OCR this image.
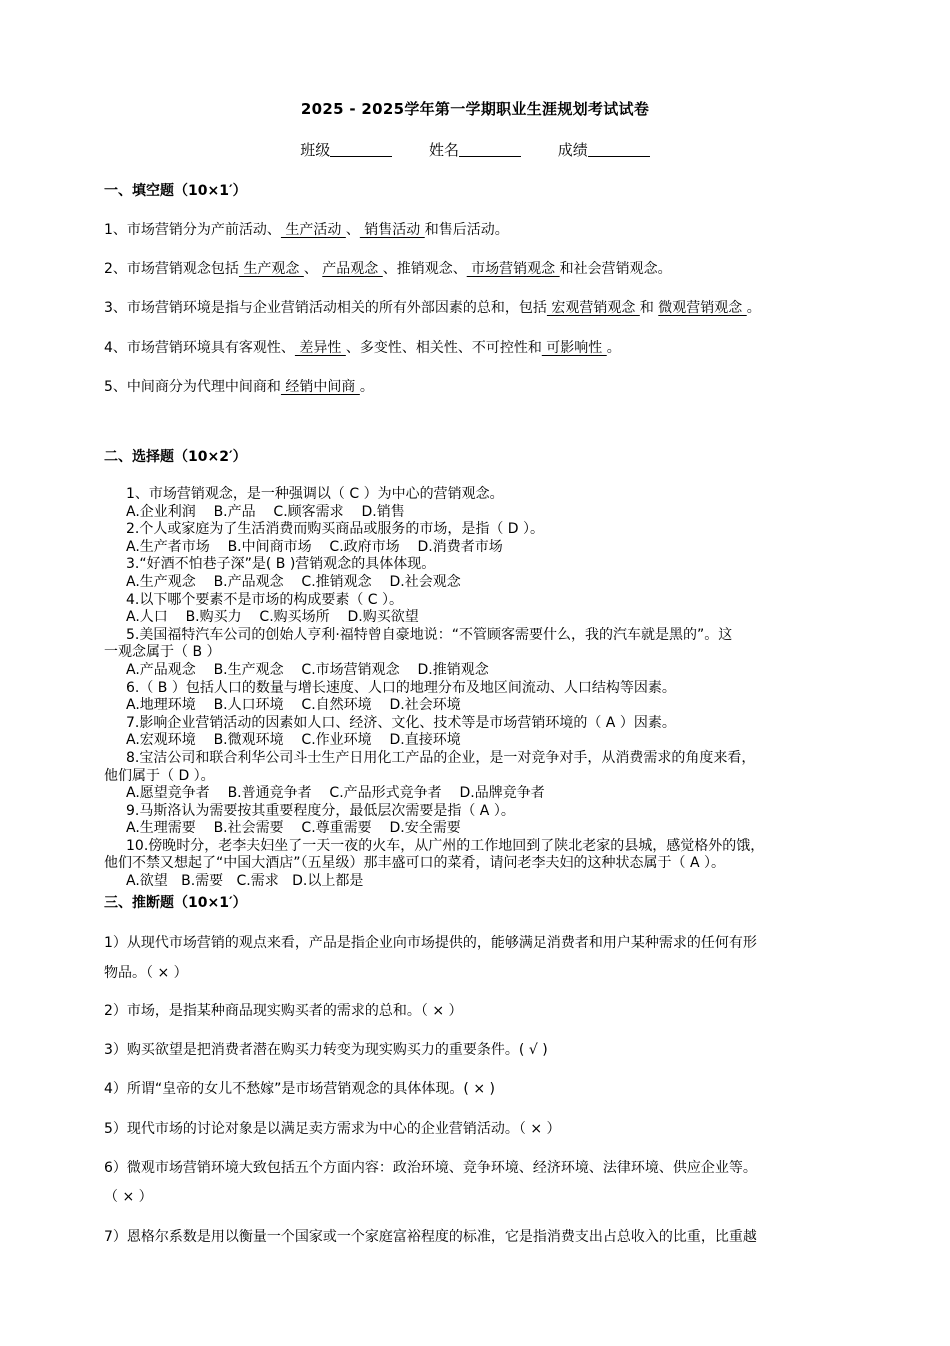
2025 - 2025学年第一学期职业生涯规划考试试卷
班级	姓名	成绩
一、填空题（10×1′）
1、市场营销分为产前活动、 生产活动 、 销售活动 和售后活动。
2、市场营销观念包括 生产观念 、 产品观念 、推销观念、 市场营销观念 和社会营销观念。
3、市场营销环境是指与企业营销活动相关的所有外部因素的总和，包括 宏观营销观念 和 微观营销观念 。
4、市场营销环境具有客观性、 差异性 、多变性、相关性、不可控性和 可影响性 。
5、中间商分为代理中间商和 经销中间商 。
二、选择题（10×2′）
1、市场营销观念，是一种强调以（ C ）为中心的营销观念。
A.企业利润    B.产品    C.顾客需求    D.销售
2.个人或家庭为了生活消费而购买商品或服务的市场，是指（ D ）。
A.生产者市场    B.中间商市场    C.政府市场    D.消费者市场
3.“好酒不怕巷子深”是( B )营销观念的具体体现。
A.生产观念    B.产品观念    C.推销观念    D.社会观念
4.以下哪个要素不是市场的构成要素（ C ）。
A.人口    B.购买力    C.购买场所    D.购买欲望
5.美国福特汽车公司的创始人亨利·福特曾自豪地说：“不管顾客需要什么，我的汽车就是黑的”。这
一观念属于（ B ）
A.产品观念    B.生产观念    C.市场营销观念    D.推销观念
6.（ B ）包括人口的数量与增长速度、人口的地理分布及地区间流动、人口结构等因素。
A.地理环境    B.人口环境    C.自然环境    D.社会环境
7.影响企业营销活动的因素如人口、经济、文化、技术等是市场营销环境的（ A ）因素。
A.宏观环境    B.微观环境    C.作业环境    D.直接环境
8.宝洁公司和联合利华公司斗士生产日用化工产品的企业，是一对竞争对手，从消费需求的角度来看，
他们属于（ D ）。
A.愿望竞争者    B.普通竞争者    C.产品形式竞争者    D.品牌竞争者
9.马斯洛认为需要按其重要程度分，最低层次需要是指（ A ）。
A.生理需要    B.社会需要    C.尊重需要    D.安全需要
10.傍晚时分，老李夫妇坐了一天一夜的火车，从广州的工作地回到了陕北老家的县城，感觉格外的饿，
他们不禁又想起了“中国大酒店”（五星级）那丰盛可口的菜肴，请问老李夫妇的这种状态属于（ A ）。
A.欲望   B.需要   C.需求   D.以上都是
三、推断题（10×1′）
1）从现代市场营销的观点来看，产品是指企业向市场提供的，能够满足消费者和用户某种需求的任何有形
物品。（ × ）
2）市场，是指某种商品现实购买者的需求的总和。（ × ）
3）购买欲望是把消费者潜在购买力转变为现实购买力的重要条件。( √ )
4）所谓“皇帝的女儿不愁嫁”是市场营销观念的具体体现。( × )
5）现代市场的讨论对象是以满足卖方需求为中心的企业营销活动。（ × ）
6）微观市场营销环境大致包括五个方面内容：政治环境、竞争环境、经济环境、法律环境、供应企业等。
（ × ）
7）恩格尔系数是用以衡量一个国家或一个家庭富裕程度的标准，它是指消费支出占总收入的比重，比重越
